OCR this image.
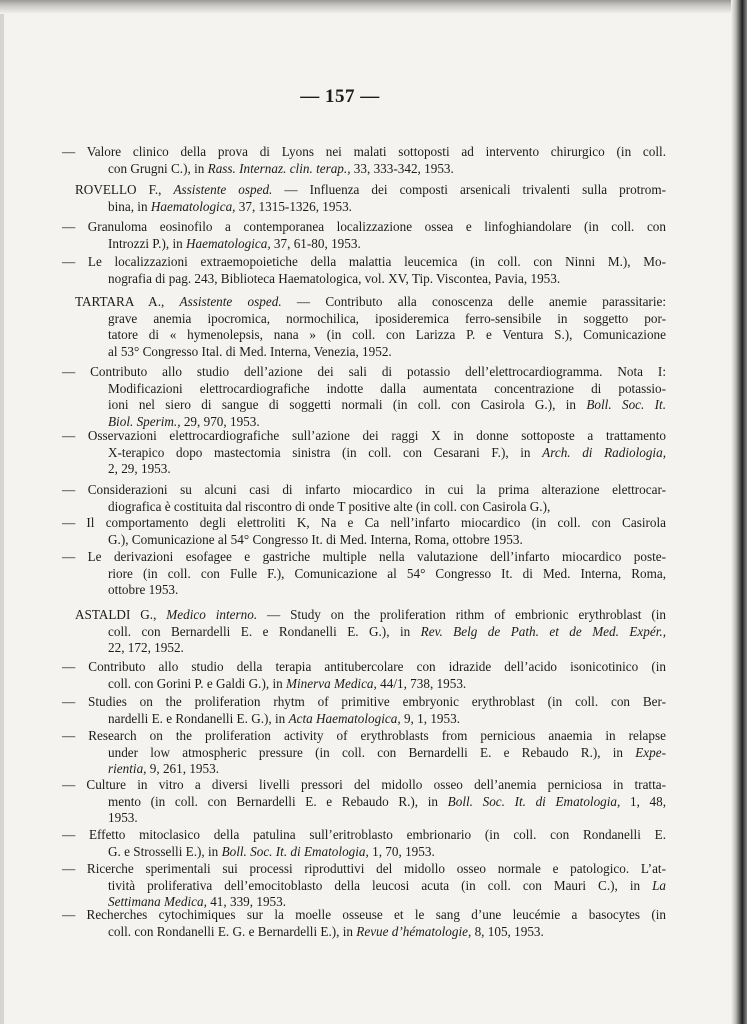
— 157 —
— Valore clinico della prova di Lyons nei malati sottoposti ad intervento chirurgico (in coll.
con Grugni C.), in Rass. Internaz. clin. terap., 33, 333-342, 1953.
ROVELLO F., Assistente osped. — Influenza dei composti arsenicali trivalenti sulla protrom-
bina, in Haematologica, 37, 1315-1326, 1953.
— Granuloma eosinofilo a contemporanea localizzazione ossea e linfoghiandolare (in coll. con
Introzzi P.), in Haematologica, 37, 61-80, 1953.
— Le localizzazioni extraemopoietiche della malattia leucemica (in coll. con Ninni M.), Mo-
nografia di pag. 243, Biblioteca Haematologica, vol. XV, Tip. Viscontea, Pavia, 1953.
TARTARA A., Assistente osped. — Contributo alla conoscenza delle anemie parassitarie:
grave anemia ipocromica, normochilica, iposideremica ferro-sensibile in soggetto por-
tatore di « hymenolepsis, nana » (in coll. con Larizza P. e Ventura S.), Comunicazione
al 53° Congresso Ital. di Med. Interna, Venezia, 1952.
— Contributo allo studio dell’azione dei sali di potassio dell’elettrocardiogramma. Nota I:
Modificazioni elettrocardiografiche indotte dalla aumentata concentrazione di potassio-
ioni nel siero di sangue di soggetti normali (in coll. con Casirola G.), in Boll. Soc. It.
Biol. Sperim., 29, 970, 1953.
— Osservazioni elettrocardiografiche sull’azione dei raggi X in donne sottoposte a trattamento
X-terapico dopo mastectomia sinistra (in coll. con Cesarani F.), in Arch. di Radiologia,
2, 29, 1953.
— Considerazioni su alcuni casi di infarto miocardico in cui la prima alterazione elettrocar-
diografica è costituita dal riscontro di onde T positive alte (in coll. con Casirola G.),
— Il comportamento degli elettroliti K, Na e Ca nell’infarto miocardico (in coll. con Casirola
G.), Comunicazione al 54° Congresso It. di Med. Interna, Roma, ottobre 1953.
— Le derivazioni esofagee e gastriche multiple nella valutazione dell’infarto miocardico poste-
riore (in coll. con Fulle F.), Comunicazione al 54° Congresso It. di Med. Interna, Roma,
ottobre 1953.
ASTALDI G., Medico interno. — Study on the proliferation rithm of embrionic erythroblast (in
coll. con Bernardelli E. e Rondanelli E. G.), in Rev. Belg de Path. et de Med. Expér.,
22, 172, 1952.
— Contributo allo studio della terapia antitubercolare con idrazide dell’acido isonicotinico (in
coll. con Gorini P. e Galdi G.), in Minerva Medica, 44/1, 738, 1953.
— Studies on the proliferation rhytm of primitive embryonic erythroblast (in coll. con Ber-
nardelli E. e Rondanelli E. G.), in Acta Haematologica, 9, 1, 1953.
— Research on the proliferation activity of erythroblasts from pernicious anaemia in relapse
under low atmospheric pressure (in coll. con Bernardelli E. e Rebaudo R.), in Expe-
rientia, 9, 261, 1953.
— Culture in vitro a diversi livelli pressori del midollo osseo dell’anemia perniciosa in tratta-
mento (in coll. con Bernardelli E. e Rebaudo R.), in Boll. Soc. It. di Ematologia, 1, 48,
1953.
— Effetto mitoclasico della patulina sull’eritroblasto embrionario (in coll. con Rondanelli E.
G. e Strosselli E.), in Boll. Soc. It. di Ematologia, 1, 70, 1953.
— Ricerche sperimentali sui processi riproduttivi del midollo osseo normale e patologico. L’at-
tività proliferativa dell’emocitoblasto della leucosi acuta (in coll. con Mauri C.), in La
Settimana Medica, 41, 339, 1953.
— Recherches cytochimiques sur la moelle osseuse et le sang d’une leucémie a basocytes (in
coll. con Rondanelli E. G. e Bernardelli E.), in Revue d’hématologie, 8, 105, 1953.
